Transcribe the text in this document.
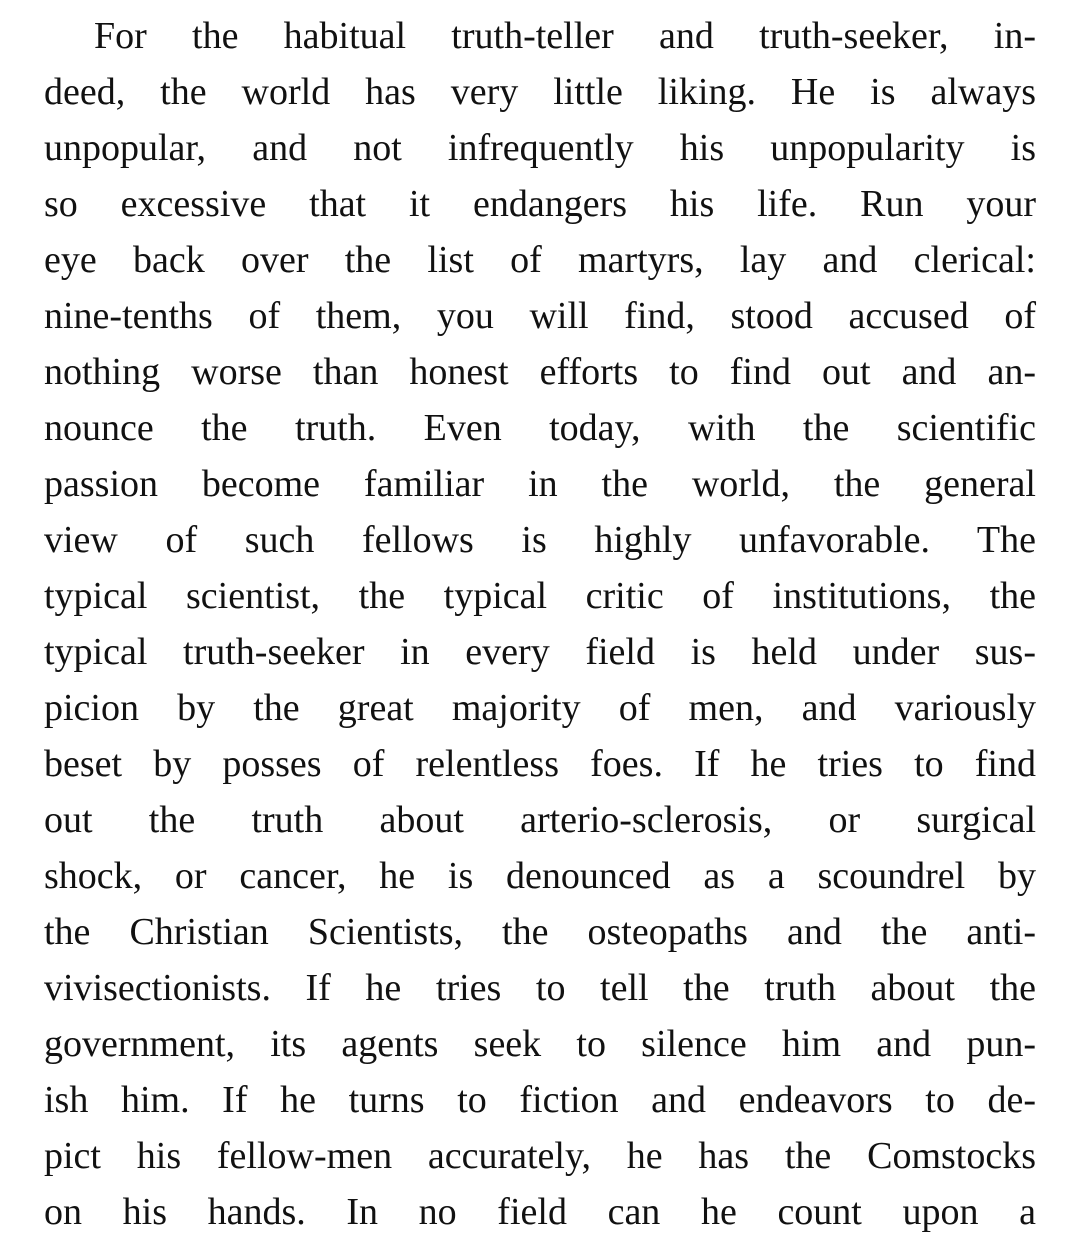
For the habitual truth-teller and truth-seeker, in-
deed, the world has very little liking. He is always
unpopular, and not infrequently his unpopularity is
so excessive that it endangers his life. Run your
eye back over the list of martyrs, lay and clerical:
nine-tenths of them, you will find, stood accused of
nothing worse than honest efforts to find out and an-
nounce the truth. Even today, with the scientific
passion become familiar in the world, the general
view of such fellows is highly unfavorable. The
typical scientist, the typical critic of institutions, the
typical truth-seeker in every field is held under sus-
picion by the great majority of men, and variously
beset by posses of relentless foes. If he tries to find
out the truth about arterio-sclerosis, or surgical
shock, or cancer, he is denounced as a scoundrel by
the Christian Scientists, the osteopaths and the anti-
vivisectionists. If he tries to tell the truth about the
government, its agents seek to silence him and pun-
ish him. If he turns to fiction and endeavors to de-
pict his fellow-men accurately, he has the Comstocks
on his hands. In no field can he count upon a
